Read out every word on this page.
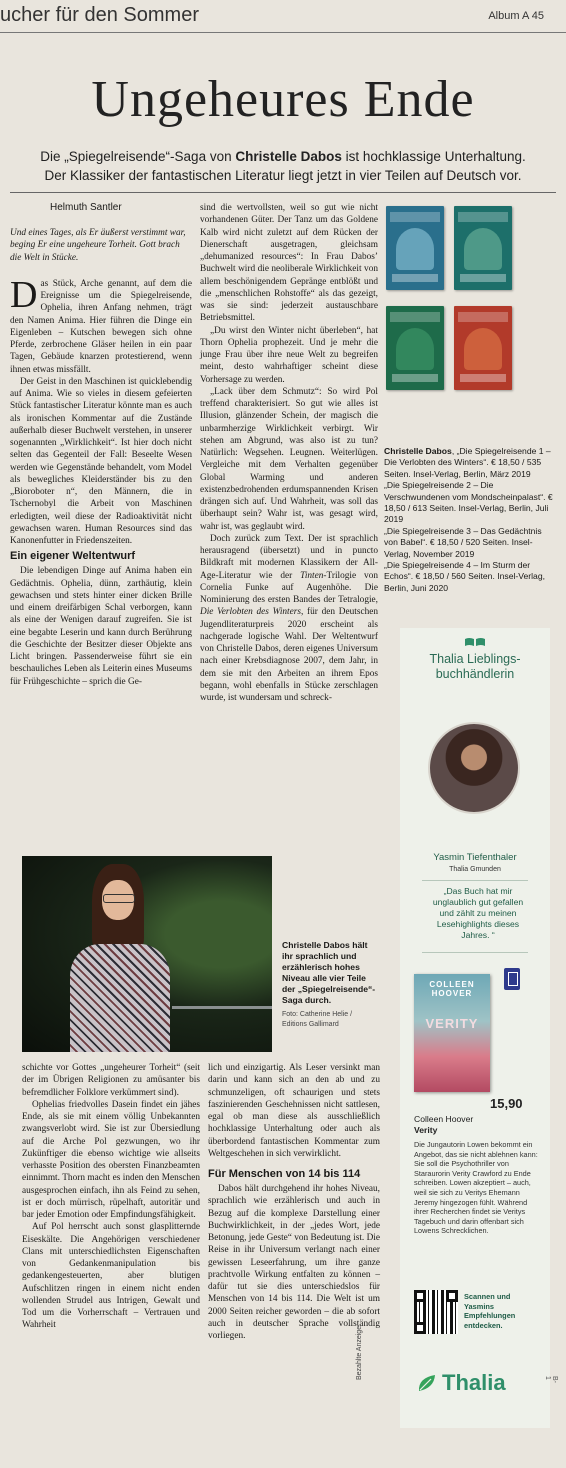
ucher für den Sommer	Album A 45
Ungeheures Ende
Die „Spiegelreisende“-Saga von Christelle Dabos ist hochklassige Unterhaltung.
Der Klassiker der fantastischen Literatur liegt jetzt in vier Teilen auf Deutsch vor.
Helmuth Santler

Und eines Tages, als Er äußerst verstimmt war, beging Er eine ungeheure Torheit. Gott brach die Welt in Stücke.

Das Stück, Arche genannt, auf dem die Ereignisse um die Spiegelreisende, Ophelia, ihren Anfang nehmen, trägt den Namen Anima. Hier führen die Dinge ein Eigenleben – Kutschen bewegen sich ohne Pferde, zerbrochene Gläser heilen in ein paar Tagen, Gebäude knarzen protestierend, wenn ihnen etwas missfällt.

Der Geist in den Maschinen ist quicklebendig auf Anima. Wie so vieles in diesem gefeierten Stück fantastischer Literatur könnte man es auch als ironischen Kommentar auf die Zustände außerhalb dieser Buchwelt verstehen, in unserer sogenannten „Wirklichkeit“. Ist hier doch nicht selten das Gegenteil der Fall: Beseelte Wesen werden wie Gegenstände behandelt, vom Model als bewegliches Kleiderständer bis zu den „Bioroboter n“, den Männern, die in Tschernobyl die Arbeit von Maschinen erledigten, weil diese der Radioaktivität nicht gewachsen waren. Human Resources sind das Kanonenfutter in Friedenszeiten.

Ein eigener Weltentwurf

Die lebendigen Dinge auf Anima haben ein Gedächtnis. Ophelia, dünn, zarthäutig, klein gewachsen und stets hinter einer dicken Brille und einem dreifärbigen Schal verborgen, kann als eine der Wenigen darauf zugreifen. Sie ist eine begabte Leserin und kann durch Berührung die Geschichte der Besitzer dieser Objekte ans Licht bringen. Passenderweise führt sie ein beschauliches Leben als Leiterin eines Museums für Frühgeschichte – sprich die Ge-

sind die wertvollsten, weil so gut wie nicht vorhandenen Güter. Der Tanz um das Goldene Kalb wird nicht zuletzt auf dem Rücken der Dienerschaft ausgetragen, gleichsam „dehumanized resources“: In Frau Dabos’ Buchwelt wird die neoliberale Wirklichkeit von allem beschönigendem Gepränge entblößt und die „menschlichen Rohstoffe“ als das gezeigt, was sie sind: jederzeit austauschbare Betriebsmittel.

„Du wirst den Winter nicht überleben“, hat Thorn Ophelia prophezeit. Und je mehr die junge Frau über ihre neue Welt zu begreifen meint, desto wahrhaftiger scheint diese Vorhersage zu werden.

„Lack über dem Schmutz“: So wird Pol treffend charakterisiert. So gut wie alles ist Illusion, glänzender Schein, der magisch die unbarmherzige Wirklichkeit verbirgt. Wir stehen am Abgrund, was also ist zu tun? Natürlich: Wegsehen. Leugnen. Weiterlügen. Vergleiche mit dem Verhalten gegenüber Global Warming und anderen existenzbedrohenden erdumspannenden Krisen drängen sich auf. Und Wahrheit, was soll das überhaupt sein? Wahr ist, was gesagt wird, wahr ist, was geglaubt wird.

Doch zurück zum Text. Der ist sprachlich herausragend (übersetzt) und in puncto Bildkraft mit modernen Klassikern der All-Age-Literatur wie der Tinten-Trilogie von Cornelia Funke auf Augenhöhe. Die Nominierung des ersten Bandes der Tetralogie, Die Verlobten des Winters, für den Deutschen Jugendliteraturpreis 2020 erscheint als nachgerade logische Wahl. Der Weltentwurf von Christelle Dabos, deren eigenes Universum nach einer Krebsdiagnose 2007, dem Jahr, in dem sie mit den Arbeiten an ihrem Epos begann, wohl ebenfalls in Stücke zerschlagen wurde, ist wundersam und schreck-

Christelle Dabos, „Die Spiegelreisende 1 – Die Verlobten des Winters“. € 18,50 / 535 Seiten. Insel-Verlag, Berlin, März 2019
„Die Spiegelreisende 2 – Die Verschwundenen vom Mondscheinpalast“. € 18,50 / 613 Seiten. Insel-Verlag, Berlin, Juli 2019
„Die Spiegelreisende 3 – Das Gedächtnis von Babel“. € 18,50 / 520 Seiten. Insel-Verlag, November 2019
„Die Spiegelreisende 4 – Im Sturm der Echos“. € 18,50 / 560 Seiten. Insel-Verlag, Berlin, Juni 2020
Thalia Lieblings-buchhändlerin
Yasmin Tiefenthaler
Thalia Gmunden
„Das Buch hat mir unglaublich gut gefallen und zählt zu meinen Lesehighlights dieses Jahres. “
COLLEEN HOOVER
VERITY
15,90
Colleen Hoover
Verity
Die Jungautorin Lowen bekommt ein Angebot, das sie nicht ablehnen kann: Sie soll die Psychothriller von Staraurorin Verity Crawford zu Ende schreiben. Lowen akzeptiert – auch, weil sie sich zu Veritys Ehemann Jeremy hingezogen fühlt. Während ihrer Recherchen findet sie Veritys Tagebuch und darin offenbart sich Lowens Schrecklichen.
Scannen und Yasmins Empfehlungen entdecken.
Thalia
Bezahlte Anzeige	B-1
Christelle Dabos hält ihr sprachlich und erzählerisch hohes Niveau alle vier Teile der „Spiegelreisende“-Saga durch.
Foto: Catherine Helie / Editions Gallimard

schichte vor Gottes „ungeheurer Torheit“ (seit der im Übrigen Religionen zu amüsanter bis befremdlicher Folklore verkümmert sind).

Ophelias friedvolles Dasein findet ein jähes Ende, als sie mit einem völlig Unbekannten zwangsverlobt wird. Sie ist zur Übersiedlung auf die Arche Pol gezwungen, wo ihr Zukünftiger die ebenso wichtige wie allseits verhasste Position des obersten Finanzbeamten einnimmt. Thorn macht es inden den Menschen ausgesprochen einfach, ihn als Feind zu sehen, ist er doch mürrisch, rüpelhaft, autoritär und bar jeder Emotion oder Empfindungsfähigkeit.

Auf Pol herrscht auch sonst glasplitternde Eiseskälte. Die Angehörigen verschiedener Clans mit unterschiedlichsten Eigenschaften von Gedankenmanipulation bis gedankengesteuerten, aber blutigen Aufschlitzen ringen in einem nicht enden wollenden Strudel aus Intrigen, Gewalt und Tod um die Vorherrschaft – Vertrauen und Wahrheit

lich und einzigartig. Als Leser versinkt man darin und kann sich an den ab und zu schmunzeligen, oft schaurigen und stets faszinierenden Geschehnissen nicht sattlesen, egal ob man diese als ausschließlich hochklassige Unterhaltung oder auch als überbordend fantastischen Kommentar zum Weltgeschehen in sich verwirklicht.

Für Menschen von 14 bis 114

Dabos hält durchgehend ihr hohes Niveau, sprachlich wie erzählerisch und auch in Bezug auf die komplexe Darstellung einer Buchwirklichkeit, in der „jedes Wort, jede Betonung, jede Geste“ von Bedeutung ist. Die Reise in ihr Universum verlangt nach einer gewissen Leseerfahrung, um ihre ganze prachtvolle Wirkung entfalten zu können – dafür tut sie dies unterschiedslos für Menschen von 14 bis 114. Die Welt ist um 2000 Seiten reicher geworden – die ab sofort auch in deutscher Sprache vollständig vorliegen.
